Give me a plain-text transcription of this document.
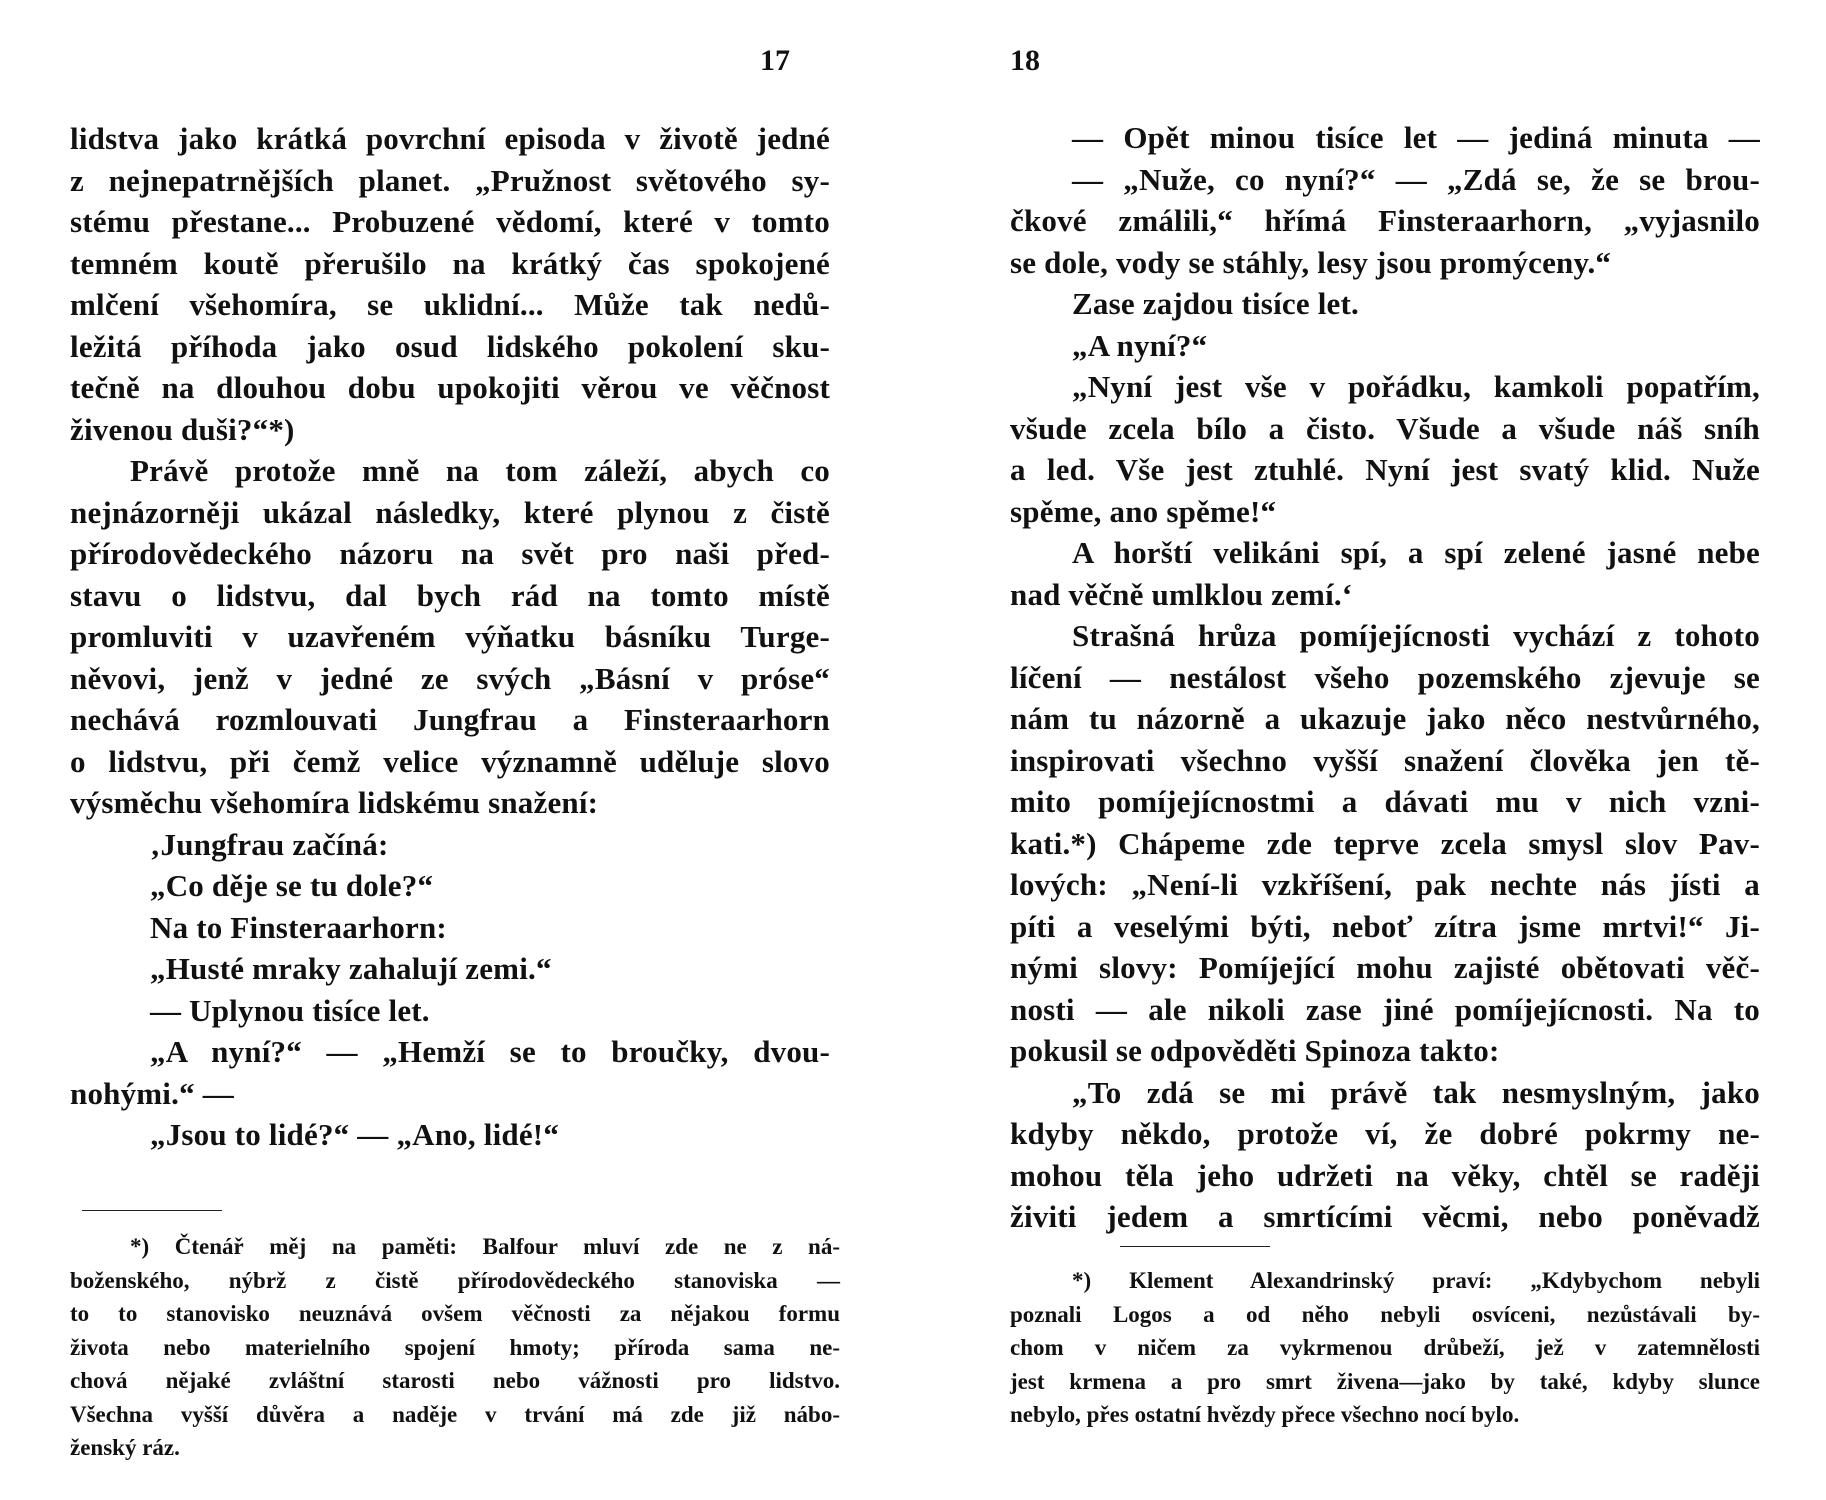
17
lidstva jako krátká povrchní episoda v životě jedné
z nejnepatrnějších planet. „Pružnost světového sy-
stému přestane... Probuzené vědomí, které v tomto
temném koutě přerušilo na krátký čas spokojené
mlčení všehomíra, se uklidní... Může tak nedů-
ležitá příhoda jako osud lidského pokolení sku-
tečně na dlouhou dobu upokojiti věrou ve věčnost
živenou duši?“*)
Právě protože mně na tom záleží, abych co
nejnázorněji ukázal následky, které plynou z čistě
přírodovědeckého názoru na svět pro naši před-
stavu o lidstvu, dal bych rád na tomto místě
promluviti v uzavřeném výňatku básníku Turge-
něvovi, jenž v jedné ze svých „Básní v próse“
nechává rozmlouvati Jungfrau a Finsteraarhorn
o lidstvu, při čemž velice významně uděluje slovo
výsměchu všehomíra lidskému snažení:
‚Jungfrau začíná:
„Co děje se tu dole?“
Na to Finsteraarhorn:
„Husté mraky zahalují zemi.“
— Uplynou tisíce let.
„A nyní?“ — „Hemží se to broučky, dvou-
nohými.“ —
„Jsou to lidé?“ — „Ano, lidé!“
*) Čtenář měj na paměti: Balfour mluví zde ne z ná-
boženského, nýbrž z čistě přírodovědeckého stanoviska —
to to stanovisko neuznává ovšem věčnosti za nějakou formu
života nebo materielního spojení hmoty; příroda sama ne-
chová nějaké zvláštní starosti nebo vážnosti pro lidstvo.
Všechna vyšší důvěra a naděje v trvání má zde již nábo-
ženský ráz.
18
— Opět minou tisíce let — jediná minuta —
— „Nuže, co nyní?“ — „Zdá se, že se brou-
čkové zmálili,“ hřímá Finsteraarhorn, „vyjasnilo
se dole, vody se stáhly, lesy jsou promýceny.“
Zase zajdou tisíce let.
„A nyní?“
„Nyní jest vše v pořádku, kamkoli popatřím,
všude zcela bílo a čisto. Všude a všude náš sníh
a led. Vše jest ztuhlé. Nyní jest svatý klid. Nuže
spěme, ano spěme!“
A horští velikáni spí, a spí zelené jasné nebe
nad věčně umlklou zemí.‘
Strašná hrůza pomíjejícnosti vychází z tohoto
líčení — nestálost všeho pozemského zjevuje se
nám tu názorně a ukazuje jako něco nestvůrného,
inspirovati všechno vyšší snažení člověka jen tě-
mito pomíjejícnostmi a dávati mu v nich vzni-
kati.*) Chápeme zde teprve zcela smysl slov Pav-
lových: „Není-li vzkříšení, pak nechte nás jísti a
píti a veselými býti, neboť zítra jsme mrtvi!“ Ji-
nými slovy: Pomíjející mohu zajisté obětovati věč-
nosti — ale nikoli zase jiné pomíjejícnosti. Na to
pokusil se odpověděti Spinoza takto:
„To zdá se mi právě tak nesmyslným, jako
kdyby někdo, protože ví, že dobré pokrmy ne-
mohou těla jeho udržeti na věky, chtěl se raději
živiti jedem a smrtícími věcmi, nebo poněvadž
*) Klement Alexandrinský praví: „Kdybychom nebyli
poznali Logos a od něho nebyli osvíceni, nezůstávali by-
chom v ničem za vykrmenou drůbeží, jež v zatemnělosti
jest krmena a pro smrt živena—jako by také, kdyby slunce
nebylo, přes ostatní hvězdy přece všechno nocí bylo.
